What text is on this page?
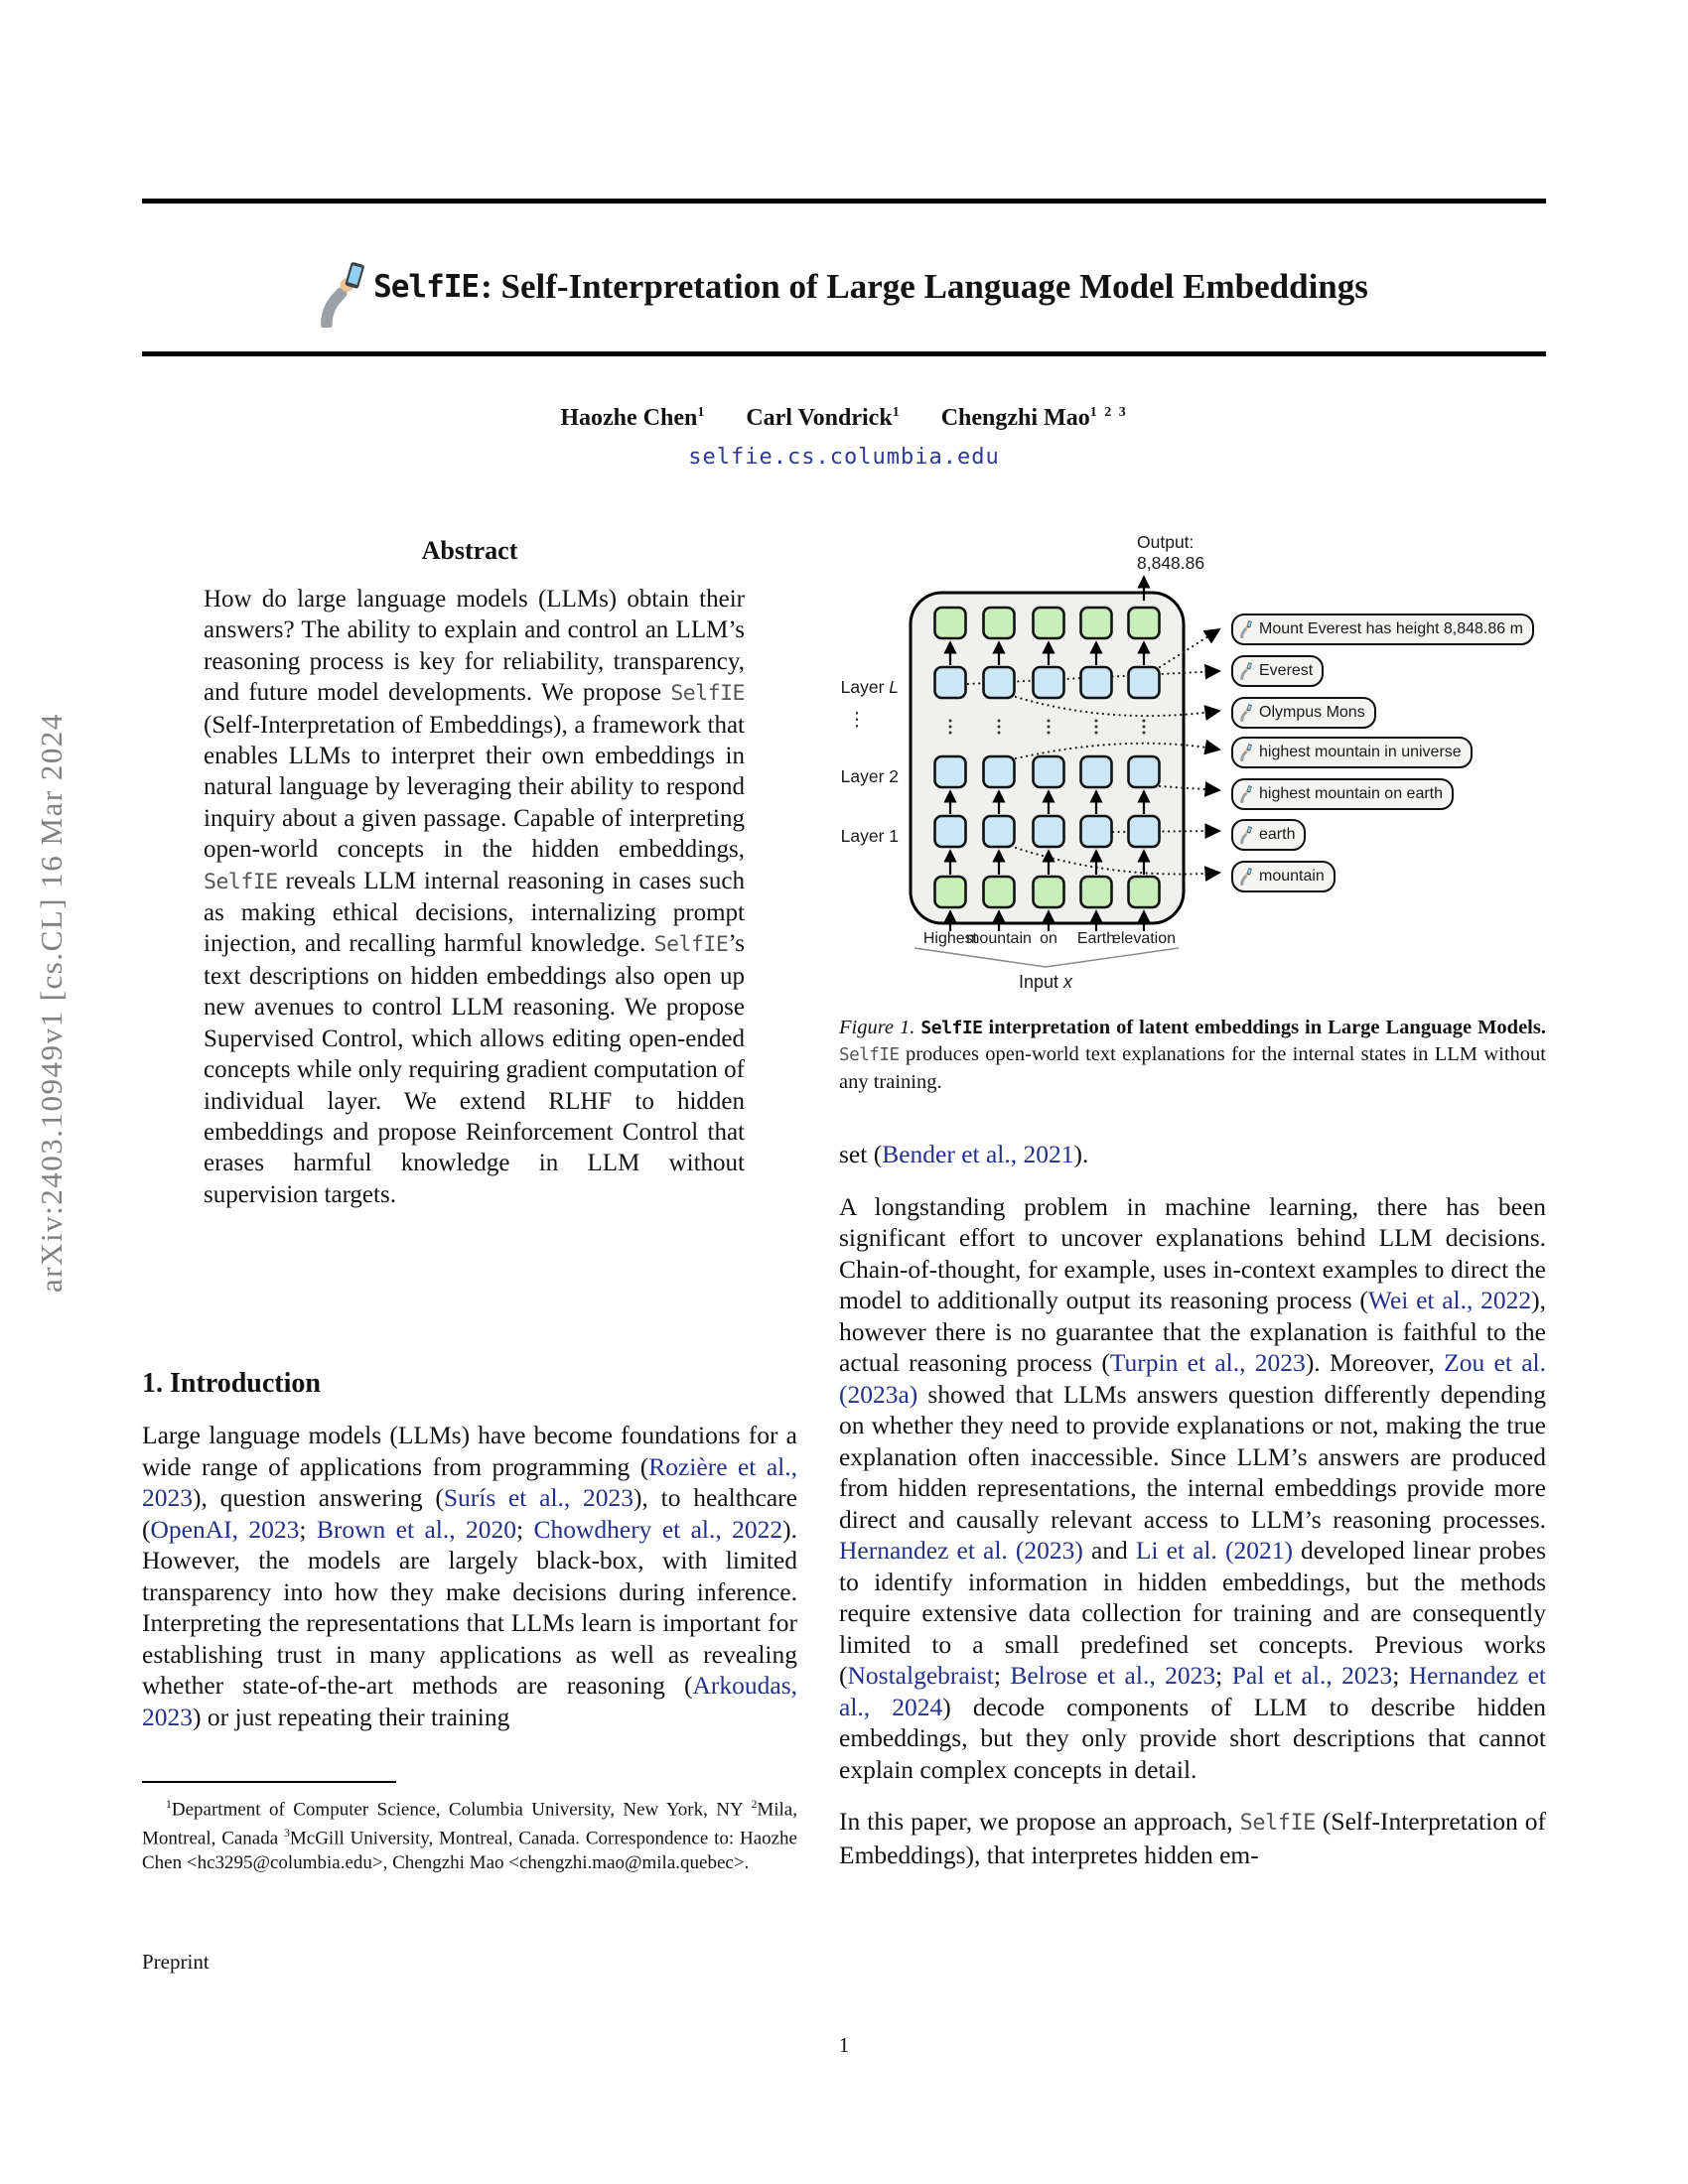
arXiv:2403.10949v1 [cs.CL] 16 Mar 2024
SelfIE : Self-Interpretation of Large Language Model Embeddings
Haozhe Chen$^1$ Carl Vondrick$^1$ Chengzhi Mao$^{1 2 3}$
selfie.cs.columbia.edu
Abstract
How do large language models (LLMs) obtain their answers? The ability to explain and control an LLM’s reasoning process is key for reliability, transparency, and future model developments. We propose SelfIE (Self-Interpretation of Embeddings), a framework that enables LLMs to interpret their own embeddings in natural language by leveraging their ability to respond inquiry about a given passage. Capable of interpreting open-world concepts in the hidden embeddings, SelfIE reveals LLM internal reasoning in cases such as making ethical decisions, internalizing prompt injection, and recalling harmful knowledge. SelfIE’s text descriptions on hidden embeddings also open up new avenues to control LLM reasoning. We propose Supervised Control, which allows editing open-ended concepts while only requiring gradient computation of individual layer. We extend RLHF to hidden embeddings and propose Reinforcement Control that erases harmful knowledge in LLM without supervision targets.
1. Introduction
Large language models (LLMs) have become foundations for a wide range of applications from programming (Rozière et al., 2023), question answering (Surís et al., 2023), to healthcare (OpenAI, 2023; Brown et al., 2020; Chowdhery et al., 2022). However, the models are largely black-box, with limited transparency into how they make decisions during inference. Interpreting the representations that LLMs learn is important for establishing trust in many applications as well as revealing whether state-of-the-art methods are reasoning (Arkoudas, 2023) or just repeating their training
$^1$Department of Computer Science, Columbia University, New York, NY $^2$Mila, Montreal, Canada $^3$McGill University, Montreal, Canada. Correspondence to: Haozhe Chen <hc3295@columbia.edu>, Chengzhi Mao <chengzhi.mao@mila.quebec>.
Preprint
Output:
8,848.86
Layer L
⋮
Layer 2
Layer 1
Highest
mountain on Earth
elevation
Input x
Mount Everest has height 8,848.86 m
Everest
Olympus Mons
highest mountain in universe
highest mountain on earth
earth
mountain
Figure 1. SelfIE interpretation of latent embeddings in Large Language Models. SelfIE produces open-world text explanations for the internal states in LLM without any training.

set (Bender et al., 2021).

A longstanding problem in machine learning, there has been significant effort to uncover explanations behind LLM decisions. Chain-of-thought, for example, uses in-context examples to direct the model to additionally output its reasoning process (Wei et al., 2022), however there is no guarantee that the explanation is faithful to the actual reasoning process (Turpin et al., 2023). Moreover, Zou et al. (2023a) showed that LLMs answers question differently depending on whether they need to provide explanations or not, making the true explanation often inaccessible. Since LLM’s answers are produced from hidden representations, the internal embeddings provide more direct and causally relevant access to LLM’s reasoning processes. Hernandez et al. (2023) and Li et al. (2021) developed linear probes to identify information in hidden embeddings, but the methods require extensive data collection for training and are consequently limited to a small predefined set concepts. Previous works (Nostalgebraist; Belrose et al., 2023; Pal et al., 2023; Hernandez et al., 2024) decode components of LLM to describe hidden embeddings, but they only provide short descriptions that cannot explain complex concepts in detail.

In this paper, we propose an approach, SelfIE (Self-Interpretation of Embeddings), that interpretes hidden em-

1
